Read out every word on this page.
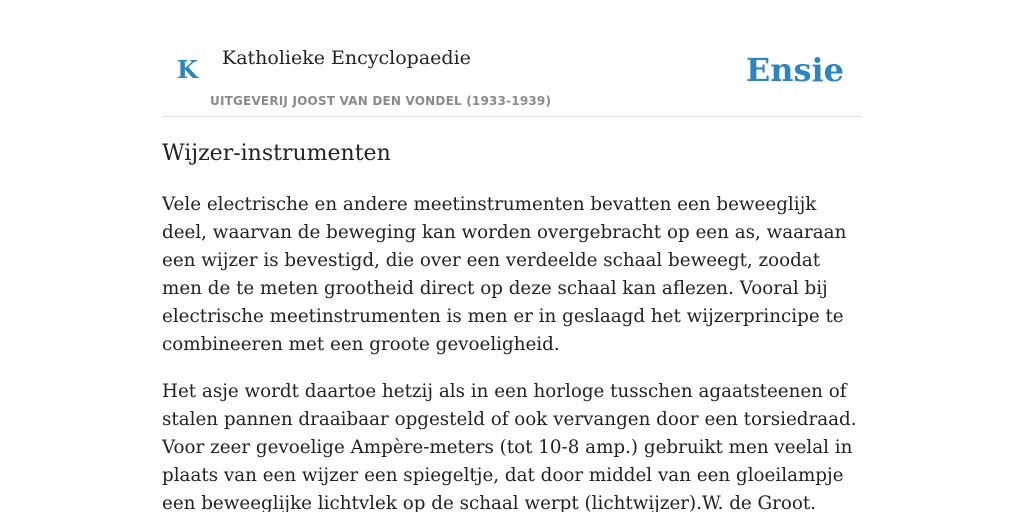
K Katholieke Encyclopaedie
UITGEVERIJ JOOST VAN DEN VONDEL (1933-1939)
Ensie
Wijzer-instrumenten

Vele electrische en andere meetinstrumenten bevatten een beweeglijk deel, waarvan de beweging kan worden overgebracht op een as, waaraan een wijzer is bevestigd, die over een verdeelde schaal beweegt, zoodat men de te meten grootheid direct op deze schaal kan aflezen. Vooral bij electrische meetinstrumenten is men er in geslaagd het wijzerprincipe te combineeren met een groote gevoeligheid.

Het asje wordt daartoe hetzij als in een horloge tusschen agaatsteenen of stalen pannen draaibaar opgesteld of ook vervangen door een torsiedraad. Voor zeer gevoelige Ampère-meters (tot 10-8 amp.) gebruikt men veelal in plaats van een wijzer een spiegeltje, dat door middel van een gloeilampje een beweeglijke lichtvlek op de schaal werpt (lichtwijzer).W. de Groot.
